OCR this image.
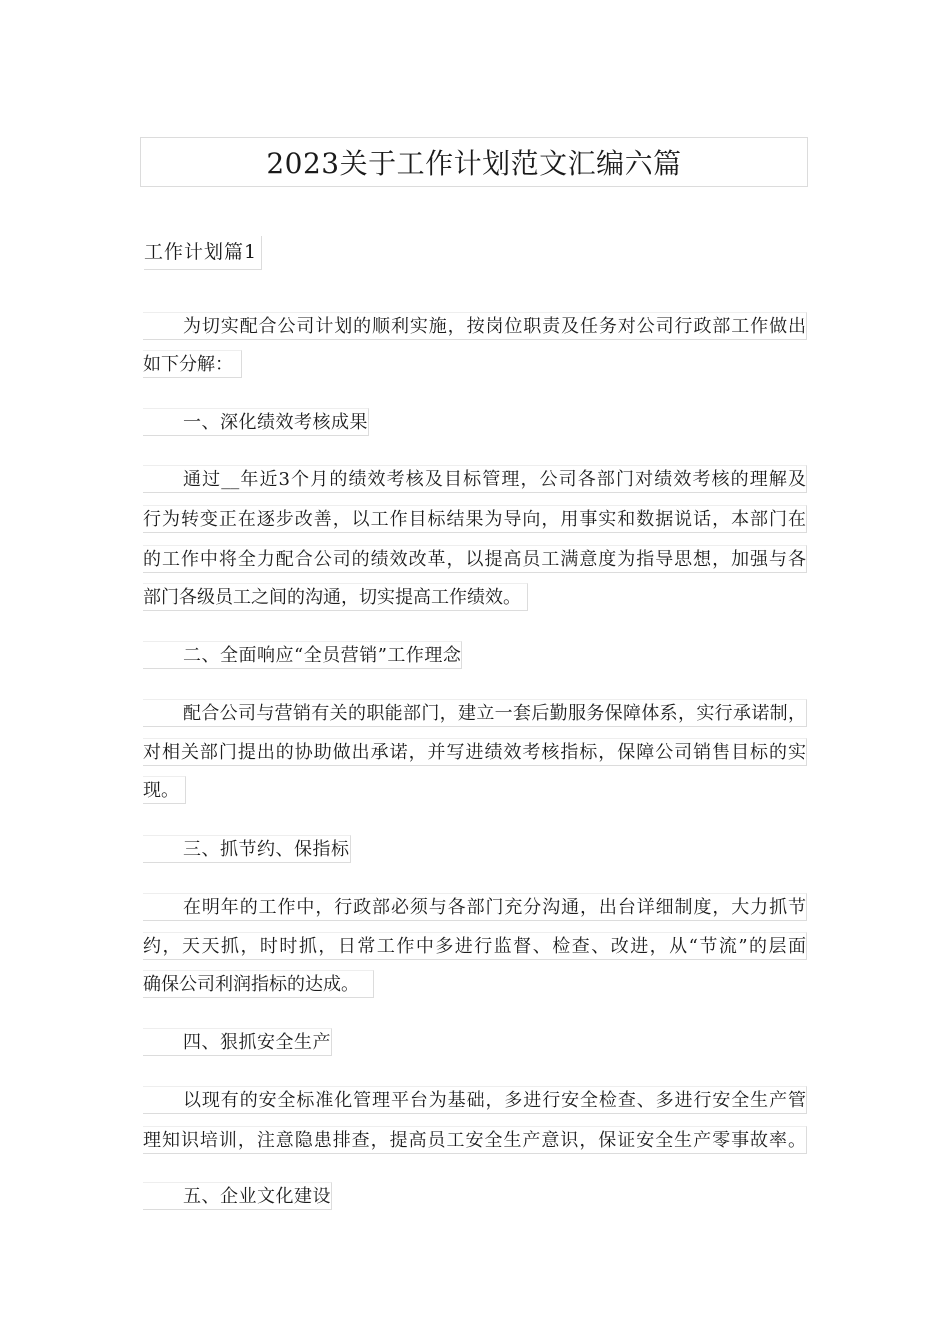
2023关于工作计划范文汇编六篇
工作计划篇1
为切实配合公司计划的顺利实施，按岗位职责及任务对公司行政部工作做出
如下分解：
一、深化绩效考核成果
通过__年近3个月的绩效考核及目标管理，公司各部门对绩效考核的理解及
行为转变正在逐步改善，以工作目标结果为导向，用事实和数据说话，本部门在
的工作中将全力配合公司的绩效改革，以提高员工满意度为指导思想，加强与各
部门各级员工之间的沟通，切实提高工作绩效。
二、全面响应“全员营销”工作理念
配合公司与营销有关的职能部门，建立一套后勤服务保障体系，实行承诺制，
对相关部门提出的协助做出承诺，并写进绩效考核指标，保障公司销售目标的实
现。
三、抓节约、保指标
在明年的工作中，行政部必须与各部门充分沟通，出台详细制度，大力抓节
约，天天抓，时时抓，日常工作中多进行监督、检查、改进，从“节流”的层面
确保公司利润指标的达成。
四、狠抓安全生产
以现有的安全标准化管理平台为基础，多进行安全检查、多进行安全生产管
理知识培训，注意隐患排查，提高员工安全生产意识，保证安全生产零事故率。
五、企业文化建设
